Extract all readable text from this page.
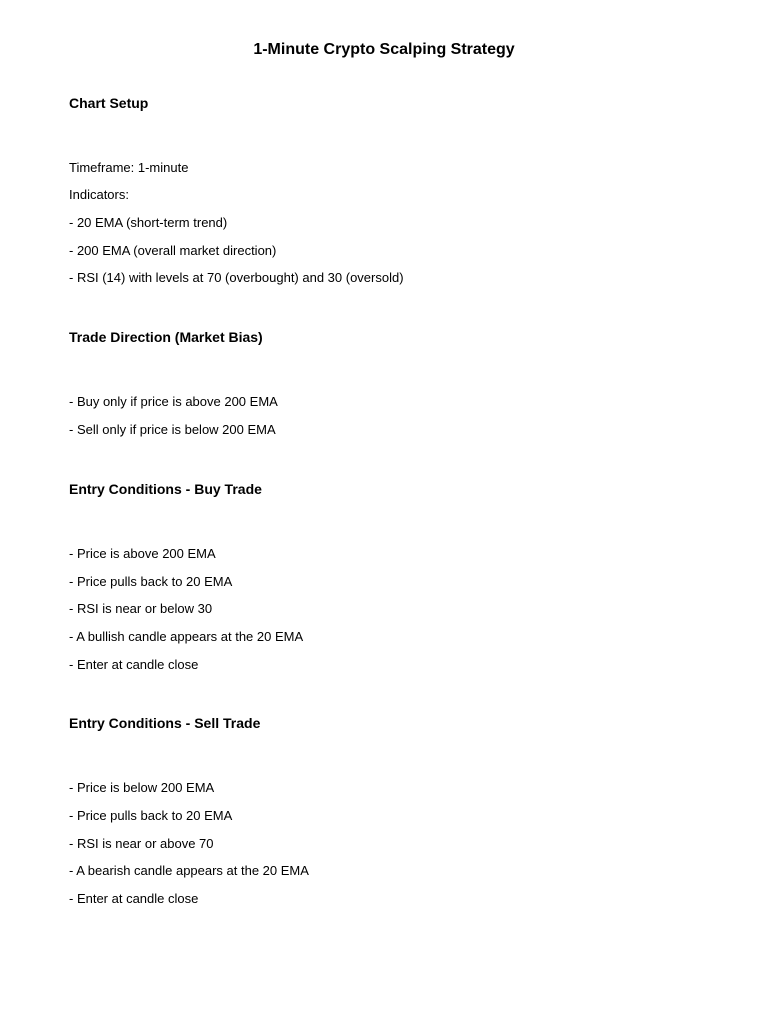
1-Minute Crypto Scalping Strategy
Chart Setup

Timeframe: 1-minute

Indicators:

- 20 EMA (short-term trend)

- 200 EMA (overall market direction)

- RSI (14) with levels at 70 (overbought) and 30 (oversold)

Trade Direction (Market Bias)

- Buy only if price is above 200 EMA

- Sell only if price is below 200 EMA

Entry Conditions - Buy Trade

- Price is above 200 EMA

- Price pulls back to 20 EMA

- RSI is near or below 30

- A bullish candle appears at the 20 EMA

- Enter at candle close

Entry Conditions - Sell Trade

- Price is below 200 EMA

- Price pulls back to 20 EMA

- RSI is near or above 70

- A bearish candle appears at the 20 EMA

- Enter at candle close
